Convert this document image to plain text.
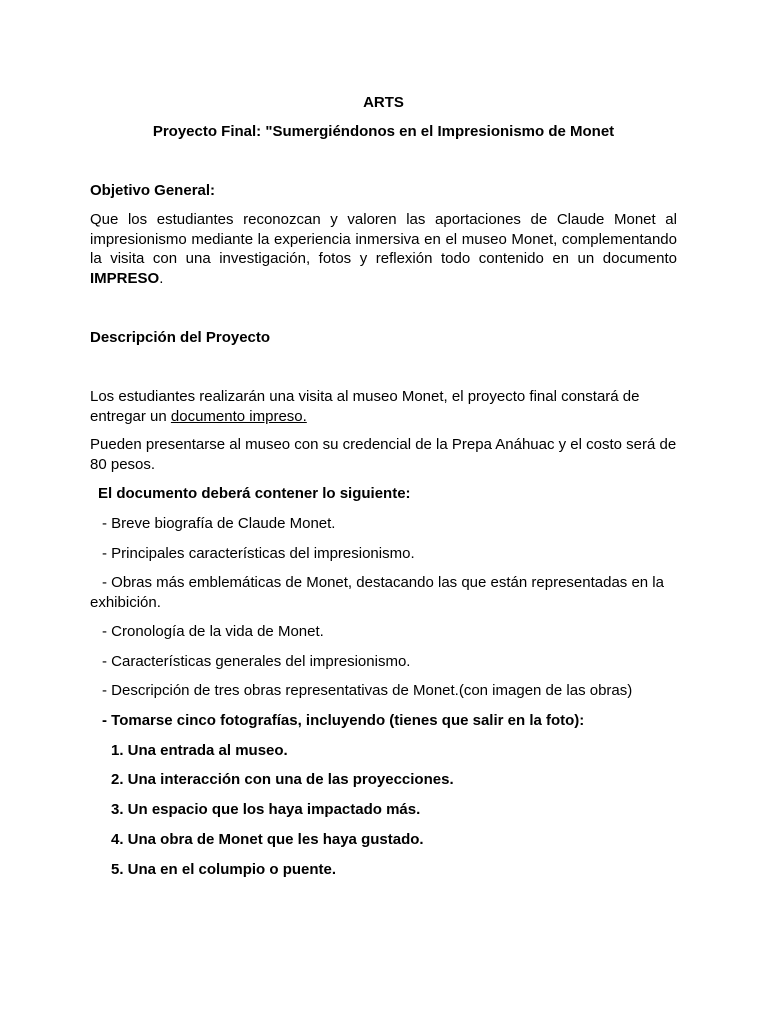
ARTS
Proyecto Final: "Sumergiéndonos en el Impresionismo de Monet
Objetivo General:
Que los estudiantes reconozcan y valoren las aportaciones de Claude Monet al impresionismo mediante la experiencia inmersiva en el museo Monet, complementando la visita con una investigación, fotos y reflexión todo contenido en un documento IMPRESO.
Descripción del Proyecto
Los estudiantes realizarán una visita al museo Monet, el proyecto final constará de entregar un documento impreso.
Pueden presentarse al museo con su credencial de la Prepa Anáhuac y el costo será de 80 pesos.
El documento deberá contener lo siguiente:
- Breve biografía de Claude Monet.
- Principales características del impresionismo.
- Obras más emblemáticas de Monet, destacando las que están representadas en la exhibición.
- Cronología de la vida de Monet.
- Características generales del impresionismo.
- Descripción de tres obras representativas de Monet.(con imagen de las obras)
- Tomarse cinco fotografías, incluyendo (tienes que salir en la foto):
1. Una entrada al museo.
2. Una interacción con una de las proyecciones.
3. Un espacio que los haya impactado más.
4. Una obra de Monet que les haya gustado.
5. Una en el columpio o puente.
